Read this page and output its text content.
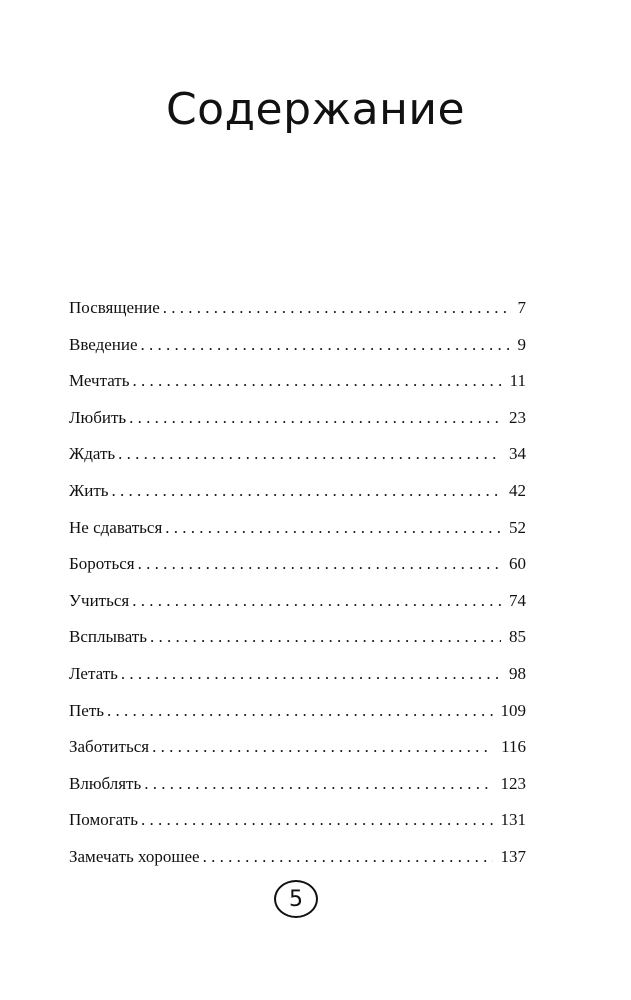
Содержание
Посвящение . . .	7
Введение . . .	9
Мечтать . . .	11
Любить . . .	23
Ждать . . .	34
Жить . . .	42
Не сдаваться . . .	52
Бороться . . .	60
Учиться . . .	74
Всплывать . . .	85
Летать . . .	98
Петь . . .	109
Заботиться . . .	116
Влюблять . . .	123
Помогать . . .	131
Замечать хорошее . . .	137
5
